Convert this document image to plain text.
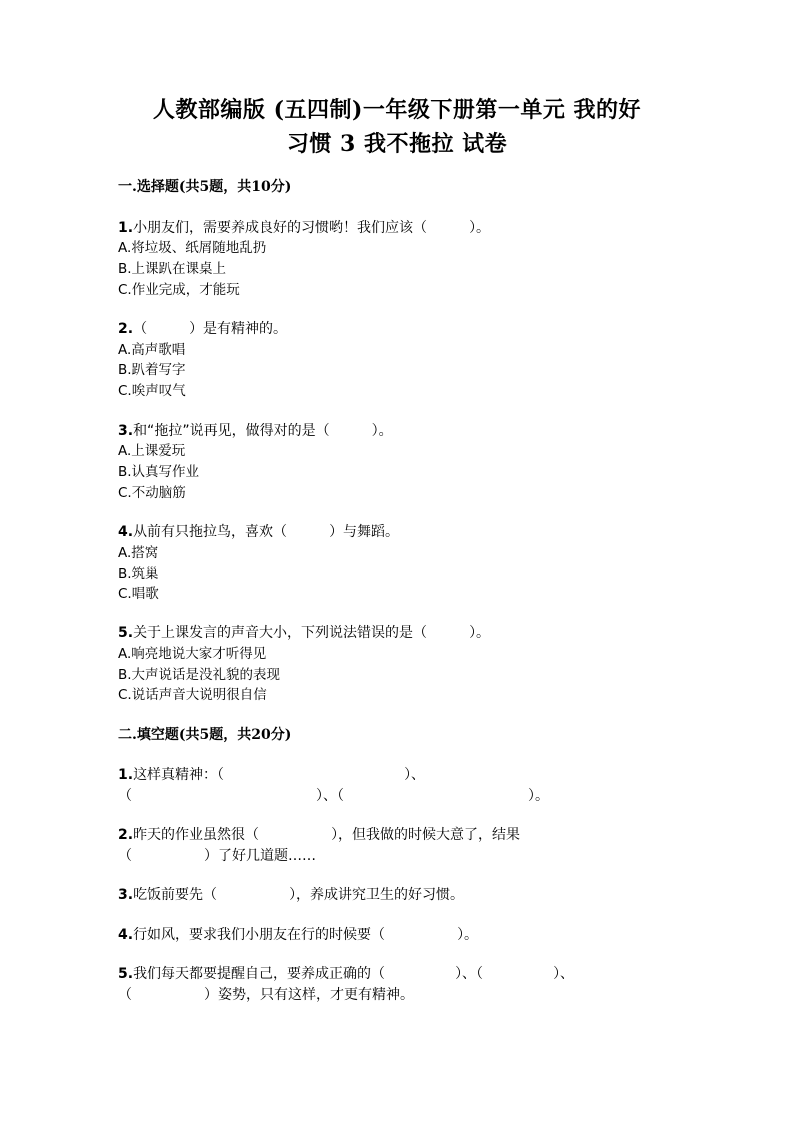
人教部编版 (五四制)一年级下册第一单元 我的好
习惯 3 我不拖拉 试卷
一.选择题(共5题，共10分)
1.小朋友们，需要养成良好的习惯哟！我们应该（	）。
A.将垃圾、纸屑随地乱扔
B.上课趴在课桌上
C.作业完成，才能玩
2.（	）是有精神的。
A.高声歌唱
B.趴着写字
C.唉声叹气
3.和“拖拉”说再见，做得对的是（	）。
A.上课爱玩
B.认真写作业
C.不动脑筋
4.从前有只拖拉鸟，喜欢（	）与舞蹈。
A.搭窝
B.筑巢
C.唱歌
5.关于上课发言的声音大小，下列说法错误的是（	）。
A.响亮地说大家才听得见
B.大声说话是没礼貌的表现
C.说话声音大说明很自信
二.填空题(共5题，共20分)
1.这样真精神：（	）、
（	）、（	）。
2.昨天的作业虽然很（	），但我做的时候大意了，结果
（	）了好几道题……
3.吃饭前要先（	），养成讲究卫生的好习惯。
4.行如风，要求我们小朋友在行的时候要（	）。
5.我们每天都要提醒自己，要养成正确的（	）、（	）、
（	）姿势，只有这样，才更有精神。
